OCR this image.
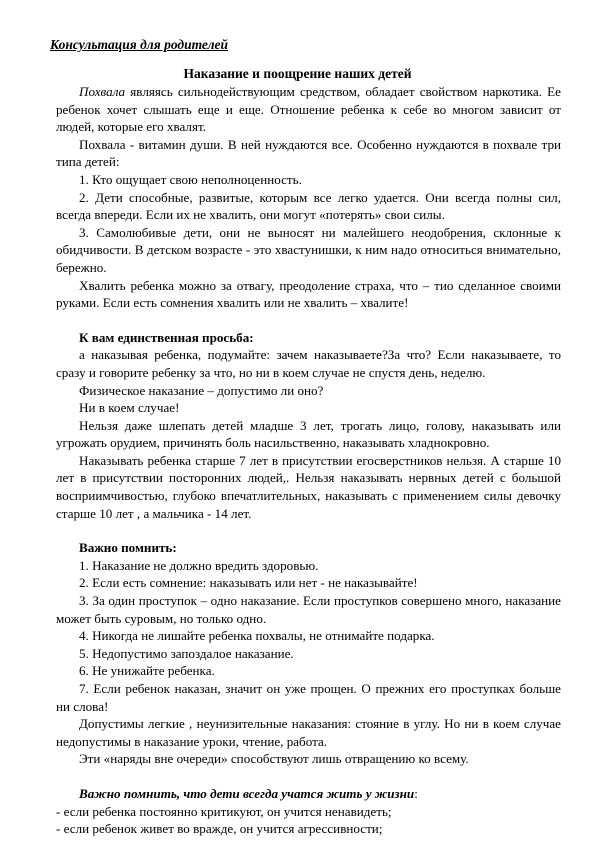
Консультация для родителей
Наказание и поощрение наших детей

Похвала являясь сильнодействующим средством, обладает свойством наркотика. Ее ребенок хочет слышать еще и еще. Отношение ребенка к себе во многом зависит от людей, которые его хвалят.

Похвала - витамин души. В ней нуждаются все. Особенно нуждаются в похвале три типа детей:

1. Кто ощущает свою неполноценность.

2. Дети способные, развитые, которым все легко удается. Они всегда полны сил, всегда впереди. Если их не хвалить, они могут «потерять» свои силы.

3. Самолюбивые дети, они не выносят ни малейшего неодобрения, склонные к обидчивости. В детском возрасте - это хвастунишки, к ним надо относиться внимательно, бережно.

Хвалить ребенка можно за отвагу, преодоление страха, что – тио сделанное своими руками. Если есть сомнения хвалить или не хвалить – хвалите!

К вам единственная просьба:

а наказывая ребенка, подумайте: зачем наказываете?За что? Если наказываете, то сразу и говорите ребенку за что, но ни в коем случае не спустя день, неделю.

Физическое наказание – допустимо ли оно?

Ни в коем случае!

Нельзя даже шлепать детей младше 3 лет, трогать лицо, голову, наказывать или угрожать орудием, причинять боль насильственно, наказывать хладнокровно.

Наказывать ребенка старше 7 лет в присутствии егосверстников нельзя. А старше 10 лет в присутствии посторонних людей,. Нельзя наказывать нервных детей с большой восприимчивостью, глубоко впечатлительных, наказывать с применением силы девочку старше 10 лет , а мальчика - 14 лет.

Важно помнить:

1. Наказание не должно вредить здоровью.

2. Если есть сомнение: наказывать или нет - не наказывайте!

3. За один проступок – одно наказание. Если проступков совершено много, наказание может быть суровым, но только одно.

4. Никогда не лишайте ребенка похвалы, не отнимайте подарка.

5. Недопустимо запоздалое наказание.

6. Не унижайте ребенка.

7. Если ребенок наказан, значит он уже прощен. О прежних его проступках больше ни слова!

Допустимы легкие , неунизительные наказания: стояние в углу. Но ни в коем случае недопустимы в наказание уроки, чтение, работа.

Эти «наряды вне очереди» способствуют лишь отвращению ко всему.

Важно помнить, что дети всегда учатся жить у жизни:

- если ребенка постоянно критикуют, он учится ненавидеть;

- если ребенок живет во вражде, он учится агрессивности;
